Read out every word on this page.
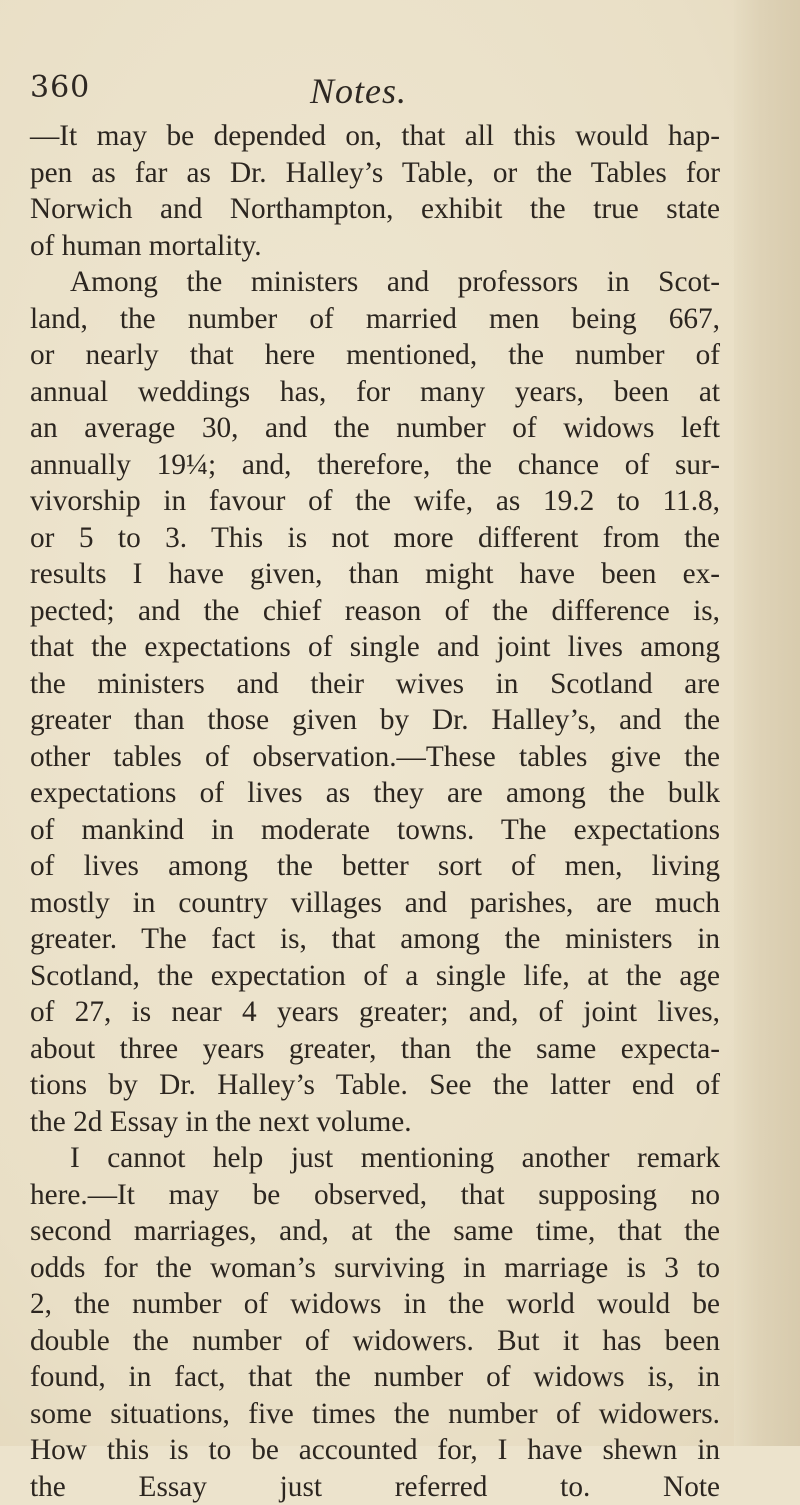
360	Notes.
—It may be depended on, that all this would hap-
pen as far as Dr. Halley’s Table, or the Tables for
Norwich and Northampton, exhibit the true state
of human mortality.
Among the ministers and professors in Scot-
land, the number of married men being 667,
or nearly that here mentioned, the number of
annual weddings has, for many years, been at
an average 30, and the number of widows left
annually 19¼; and, therefore, the chance of sur-
vivorship in favour of the wife, as 19.2 to 11.8,
or 5 to 3. This is not more different from the
results I have given, than might have been ex-
pected; and the chief reason of the difference is,
that the expectations of single and joint lives among
the ministers and their wives in Scotland are
greater than those given by Dr. Halley’s, and the
other tables of observation.—These tables give the
expectations of lives as they are among the bulk
of mankind in moderate towns. The expectations
of lives among the better sort of men, living
mostly in country villages and parishes, are much
greater. The fact is, that among the ministers in
Scotland, the expectation of a single life, at the age
of 27, is near 4 years greater; and, of joint lives,
about three years greater, than the same expecta-
tions by Dr. Halley’s Table. See the latter end of
the 2d Essay in the next volume.
I cannot help just mentioning another remark
here.—It may be observed, that supposing no
second marriages, and, at the same time, that the
odds for the woman’s surviving in marriage is 3 to
2, the number of widows in the world would be
double the number of widowers. But it has been
found, in fact, that the number of widows is, in
some situations, five times the number of widowers.
How this is to be accounted for, I have shewn in
the Essay just referred to. Note
